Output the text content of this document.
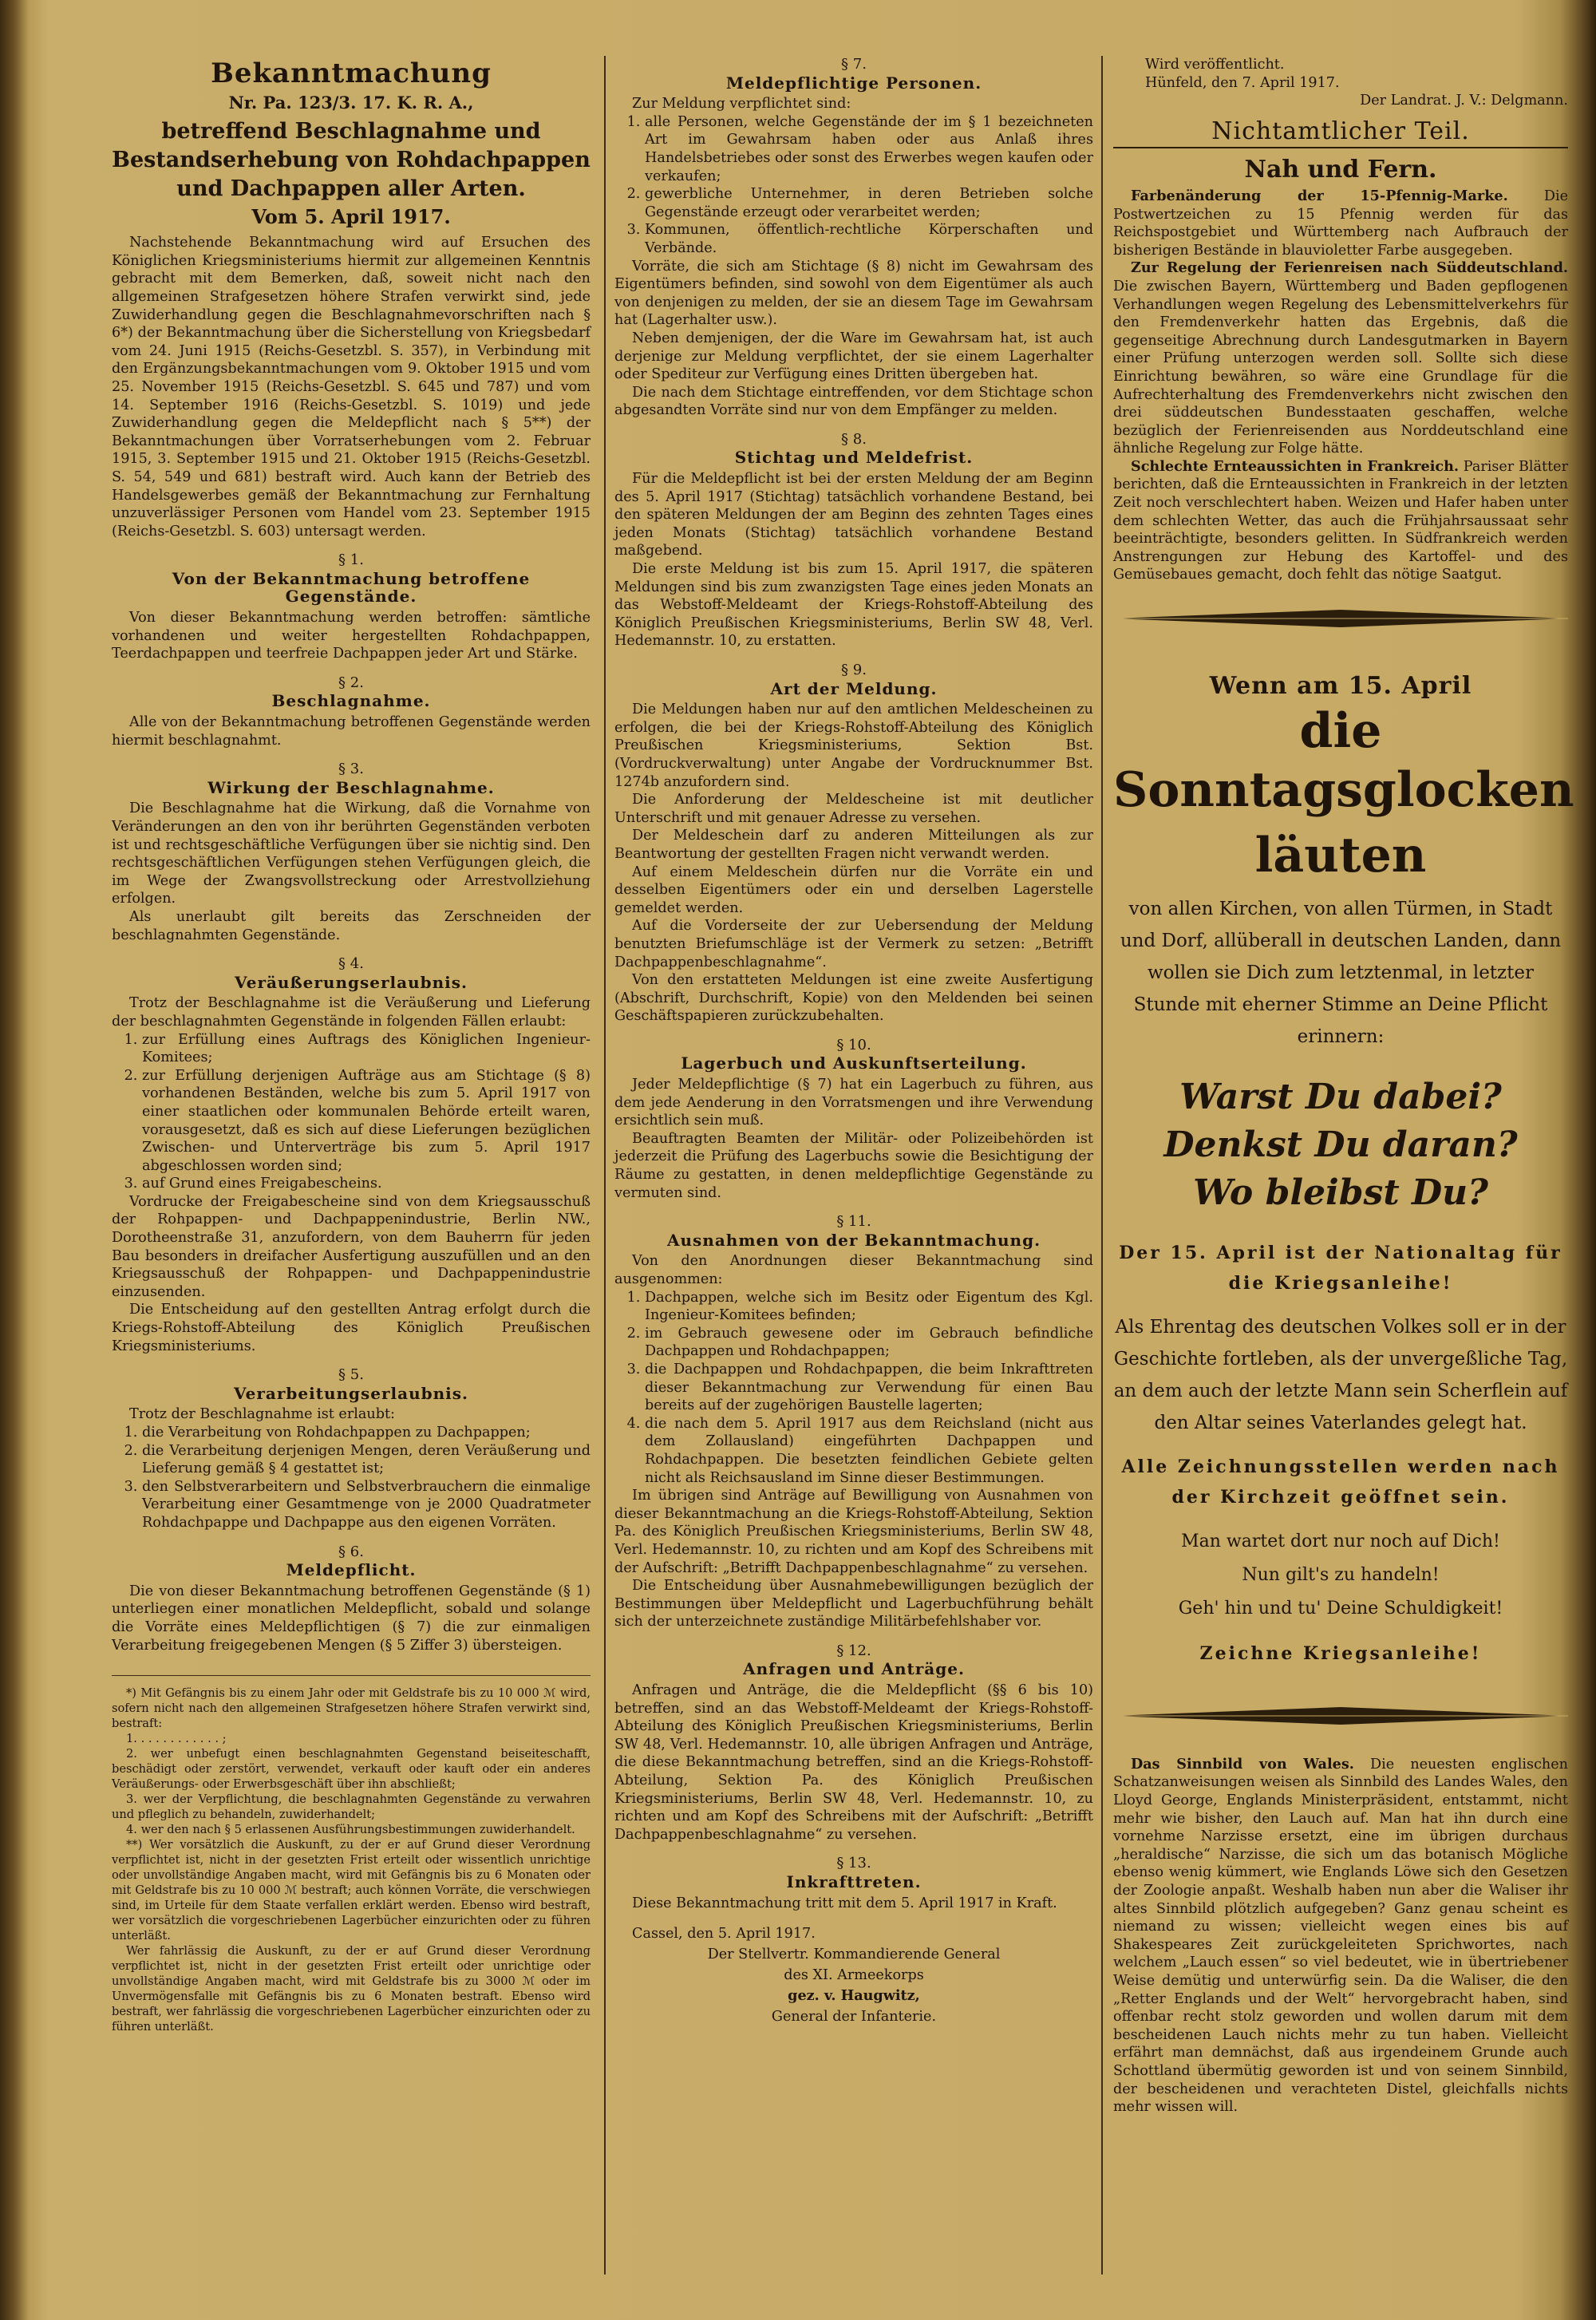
Bekanntmachung
Nr. Pa. 123/3. 17. K. R. A.,
betreffend Beschlagnahme und Bestandserhebung von Rohdachpappen und Dachpappen aller Arten.
Vom 5. April 1917.

Nachstehende Bekanntmachung wird auf Ersuchen des Königlichen Kriegsministeriums hiermit zur allgemeinen Kenntnis gebracht mit dem Bemerken, daß, soweit nicht nach den allgemeinen Strafgesetzen höhere Strafen verwirkt sind, jede Zuwiderhandlung gegen die Beschlagnahmevorschriften nach § 6*) der Bekanntmachung über die Sicherstellung von Kriegsbedarf vom 24. Juni 1915 (Reichs-Gesetzbl. S. 357), in Verbindung mit den Ergänzungsbekanntmachungen vom 9. Oktober 1915 und vom 25. November 1915 (Reichs-Gesetzbl. S. 645 und 787) und vom 14. September 1916 (Reichs-Gesetzbl. S. 1019) und jede Zuwiderhandlung gegen die Meldepflicht nach § 5**) der Bekanntmachungen über Vorratserhebungen vom 2. Februar 1915, 3. September 1915 und 21. Oktober 1915 (Reichs-Gesetzbl. S. 54, 549 und 681) bestraft wird. Auch kann der Betrieb des Handelsgewerbes gemäß der Bekanntmachung zur Fernhaltung unzuverlässiger Personen vom Handel vom 23. September 1915 (Reichs-Gesetzbl. S. 603) untersagt werden.

§ 1.
Von der Bekanntmachung betroffene Gegenstände.

Von dieser Bekanntmachung werden betroffen: sämtliche vorhandenen und weiter hergestellten Rohdachpappen, Teerdachpappen und teerfreie Dachpappen jeder Art und Stärke.

§ 2.
Beschlagnahme.

Alle von der Bekanntmachung betroffenen Gegenstände werden hiermit beschlagnahmt.

§ 3.
Wirkung der Beschlagnahme.

Die Beschlagnahme hat die Wirkung, daß die Vornahme von Veränderungen an den von ihr berührten Gegenständen verboten ist und rechtsgeschäftliche Verfügungen über sie nichtig sind. Den rechtsgeschäftlichen Verfügungen stehen Verfügungen gleich, die im Wege der Zwangsvollstreckung oder Arrestvollziehung erfolgen.

Als unerlaubt gilt bereits das Zerschneiden der beschlagnahmten Gegenstände.

§ 4.
Veräußerungserlaubnis.

Trotz der Beschlagnahme ist die Veräußerung und Lieferung der beschlagnahmten Gegenstände in folgenden Fällen erlaubt:

1. zur Erfüllung eines Auftrags des Königlichen Ingenieur-Komitees;
2. zur Erfüllung derjenigen Aufträge aus am Stichtage (§ 8) vorhandenen Beständen, welche bis zum 5. April 1917 von einer staatlichen oder kommunalen Behörde erteilt waren, vorausgesetzt, daß es sich auf diese Lieferungen bezüglichen Zwischen- und Unterverträge bis zum 5. April 1917 abgeschlossen worden sind;
3. auf Grund eines Freigabescheins.

Vordrucke der Freigabescheine sind von dem Kriegsausschuß der Rohpappen- und Dachpappenindustrie, Berlin NW., Dorotheenstraße 31, anzufordern, von dem Bauherrn für jeden Bau besonders in dreifacher Ausfertigung auszufüllen und an den Kriegsausschuß der Rohpappen- und Dachpappenindustrie einzusenden.

Die Entscheidung auf den gestellten Antrag erfolgt durch die Kriegs-Rohstoff-Abteilung des Königlich Preußischen Kriegsministeriums.

§ 5.
Verarbeitungserlaubnis.

Trotz der Beschlagnahme ist erlaubt:

1. die Verarbeitung von Rohdachpappen zu Dachpappen;
2. die Verarbeitung derjenigen Mengen, deren Veräußerung und Lieferung gemäß § 4 gestattet ist;
3. den Selbstverarbeitern und Selbstverbrauchern die einmalige Verarbeitung einer Gesamtmenge von je 2000 Quadratmeter Rohdachpappe und Dachpappe aus den eigenen Vorräten.
§ 6.
Meldepflicht.

Die von dieser Bekanntmachung betroffenen Gegenstände (§ 1) unterliegen einer monatlichen Meldepflicht, sobald und solange die Vorräte eines Meldepflichtigen (§ 7) die zur einmaligen Verarbeitung freigegebenen Mengen (§ 5 Ziffer 3) übersteigen.

*) Mit Gefängnis bis zu einem Jahr oder mit Geldstrafe bis zu 10 000 ℳ wird, sofern nicht nach den allgemeinen Strafgesetzen höhere Strafen verwirkt sind, bestraft:

1. . . . . . . . . . . . ;

2. wer unbefugt einen beschlagnahmten Gegenstand beiseiteschafft, beschädigt oder zerstört, verwendet, verkauft oder kauft oder ein anderes Veräußerungs- oder Erwerbsgeschäft über ihn abschließt;

3. wer der Verpflichtung, die beschlagnahmten Gegenstände zu verwahren und pfleglich zu behandeln, zuwiderhandelt;

4. wer den nach § 5 erlassenen Ausführungsbestimmungen zuwiderhandelt.

**) Wer vorsätzlich die Auskunft, zu der er auf Grund dieser Verordnung verpflichtet ist, nicht in der gesetzten Frist erteilt oder wissentlich unrichtige oder unvollständige Angaben macht, wird mit Gefängnis bis zu 6 Monaten oder mit Geldstrafe bis zu 10 000 ℳ bestraft; auch können Vorräte, die verschwiegen sind, im Urteile für dem Staate verfallen erklärt werden. Ebenso wird bestraft, wer vorsätzlich die vorgeschriebenen Lagerbücher einzurichten oder zu führen unterläßt.

Wer fahrlässig die Auskunft, zu der er auf Grund dieser Verordnung verpflichtet ist, nicht in der gesetzten Frist erteilt oder unrichtige oder unvollständige Angaben macht, wird mit Geldstrafe bis zu 3000 ℳ oder im Unvermögensfalle mit Gefängnis bis zu 6 Monaten bestraft. Ebenso wird bestraft, wer fahrlässig die vorgeschriebenen Lagerbücher einzurichten oder zu führen unterläßt.

§ 7.
Meldepflichtige Personen.

Zur Meldung verpflichtet sind:

1. alle Personen, welche Gegenstände der im § 1 bezeichneten Art im Gewahrsam haben oder aus Anlaß ihres Handelsbetriebes oder sonst des Erwerbes wegen kaufen oder verkaufen;
2. gewerbliche Unternehmer, in deren Betrieben solche Gegenstände erzeugt oder verarbeitet werden;
3. Kommunen, öffentlich-rechtliche Körperschaften und Verbände.

Vorräte, die sich am Stichtage (§ 8) nicht im Gewahrsam des Eigentümers befinden, sind sowohl von dem Eigentümer als auch von denjenigen zu melden, der sie an diesem Tage im Gewahrsam hat (Lagerhalter usw.).

Neben demjenigen, der die Ware im Gewahrsam hat, ist auch derjenige zur Meldung verpflichtet, der sie einem Lagerhalter oder Spediteur zur Verfügung eines Dritten übergeben hat.

Die nach dem Stichtage eintreffenden, vor dem Stichtage schon abgesandten Vorräte sind nur von dem Empfänger zu melden.

§ 8.
Stichtag und Meldefrist.

Für die Meldepflicht ist bei der ersten Meldung der am Beginn des 5. April 1917 (Stichtag) tatsächlich vorhandene Bestand, bei den späteren Meldungen der am Beginn des zehnten Tages eines jeden Monats (Stichtag) tatsächlich vorhandene Bestand maßgebend.

Die erste Meldung ist bis zum 15. April 1917, die späteren Meldungen sind bis zum zwanzigsten Tage eines jeden Monats an das Webstoff-Meldeamt der Kriegs-Rohstoff-Abteilung des Königlich Preußischen Kriegsministeriums, Berlin SW 48, Verl. Hedemannstr. 10, zu erstatten.

§ 9.
Art der Meldung.

Die Meldungen haben nur auf den amtlichen Meldescheinen zu erfolgen, die bei der Kriegs-Rohstoff-Abteilung des Königlich Preußischen Kriegsministeriums, Sektion Bst. (Vordruckverwaltung) unter Angabe der Vordrucknummer Bst. 1274b anzufordern sind.

Die Anforderung der Meldescheine ist mit deutlicher Unterschrift und mit genauer Adresse zu versehen.

Der Meldeschein darf zu anderen Mitteilungen als zur Beantwortung der gestellten Fragen nicht verwandt werden.

Auf einem Meldeschein dürfen nur die Vorräte ein und desselben Eigentümers oder ein und derselben Lagerstelle gemeldet werden.

Auf die Vorderseite der zur Uebersendung der Meldung benutzten Briefumschläge ist der Vermerk zu setzen: „Betrifft Dachpappenbeschlagnahme“.

Von den erstatteten Meldungen ist eine zweite Ausfertigung (Abschrift, Durchschrift, Kopie) von den Meldenden bei seinen Geschäftspapieren zurückzubehalten.

§ 10.
Lagerbuch und Auskunftserteilung.

Jeder Meldepflichtige (§ 7) hat ein Lagerbuch zu führen, aus dem jede Aenderung in den Vorratsmengen und ihre Verwendung ersichtlich sein muß.

Beauftragten Beamten der Militär- oder Polizeibehörden ist jederzeit die Prüfung des Lagerbuchs sowie die Besichtigung der Räume zu gestatten, in denen meldepflichtige Gegenstände zu vermuten sind.

§ 11.
Ausnahmen von der Bekanntmachung.

Von den Anordnungen dieser Bekanntmachung sind ausgenommen:

1. Dachpappen, welche sich im Besitz oder Eigentum des Kgl. Ingenieur-Komitees befinden;
2. im Gebrauch gewesene oder im Gebrauch befindliche Dachpappen und Rohdachpappen;
3. die Dachpappen und Rohdachpappen, die beim Inkrafttreten dieser Bekanntmachung zur Verwendung für einen Bau bereits auf der zugehörigen Baustelle lagerten;
4. die nach dem 5. April 1917 aus dem Reichsland (nicht aus dem Zollausland) eingeführten Dachpappen und Rohdachpappen. Die besetzten feindlichen Gebiete gelten nicht als Reichsausland im Sinne dieser Bestimmungen.

Im übrigen sind Anträge auf Bewilligung von Ausnahmen von dieser Bekanntmachung an die Kriegs-Rohstoff-Abteilung, Sektion Pa. des Königlich Preußischen Kriegsministeriums, Berlin SW 48, Verl. Hedemannstr. 10, zu richten und am Kopf des Schreibens mit der Aufschrift: „Betrifft Dachpappenbeschlagnahme“ zu versehen.

Die Entscheidung über Ausnahmebewilligungen bezüglich der Bestimmungen über Meldepflicht und Lagerbuchführung behält sich der unterzeichnete zuständige Militärbefehlshaber vor.

§ 12.
Anfragen und Anträge.

Anfragen und Anträge, die die Meldepflicht (§§ 6 bis 10) betreffen, sind an das Webstoff-Meldeamt der Kriegs-Rohstoff-Abteilung des Königlich Preußischen Kriegsministeriums, Berlin SW 48, Verl. Hedemannstr. 10, alle übrigen Anfragen und Anträge, die diese Bekanntmachung betreffen, sind an die Kriegs-Rohstoff-Abteilung, Sektion Pa. des Königlich Preußischen Kriegsministeriums, Berlin SW 48, Verl. Hedemannstr. 10, zu richten und am Kopf des Schreibens mit der Aufschrift: „Betrifft Dachpappenbeschlagnahme“ zu versehen.

§ 13.
Inkrafttreten.

Diese Bekanntmachung tritt mit dem 5. April 1917 in Kraft.

Cassel, den 5. April 1917.
Der Stellvertr. Kommandierende General
des XI. Armeekorps
gez. v. Haugwitz,
General der Infanterie.
Wird veröffentlicht.
Hünfeld, den 7. April 1917.
Der Landrat. J. V.: Delgmann.
Nichtamtlicher Teil.
Nah und Fern.

Farbenänderung der 15-Pfennig-Marke.	Die Postwertzeichen zu 15 Pfennig werden für das Reichspostgebiet und Württemberg nach Aufbrauch der bisherigen Bestände in blauvioletter Farbe ausgegeben.

Zur Regelung der Ferienreisen nach Süddeutschland. Die zwischen Bayern, Württemberg und Baden gepflogenen Verhandlungen wegen Regelung des Lebensmittelverkehrs für den Fremdenverkehr hatten das Ergebnis, daß die gegenseitige Abrechnung durch Landesgutmarken in Bayern einer Prüfung unterzogen werden soll. Sollte sich diese Einrichtung bewähren, so wäre eine Grundlage für die Aufrechterhaltung des Fremdenverkehrs nicht zwischen den drei süddeutschen Bundesstaaten geschaffen, welche bezüglich der Ferienreisenden aus Norddeutschland eine ähnliche Regelung zur Folge hätte.

Schlechte Ernteaussichten in Frankreich. Pariser Blätter berichten, daß die Ernteaussichten in Frankreich in der letzten Zeit noch verschlechtert haben. Weizen und Hafer haben unter dem schlechten Wetter, das auch die Frühjahrsaussaat sehr beeinträchtigte, besonders gelitten. In Südfrankreich werden Anstrengungen zur Hebung des Kartoffel- und des Gemüsebaues gemacht, doch fehlt das nötige Saatgut.

Wenn am 15. April
die Sonntagsglocken
läuten
von allen Kirchen, von allen Türmen, in Stadt und Dorf, allüberall in deutschen Landen, dann wollen sie Dich zum letztenmal, in letzter Stunde mit eherner Stimme an Deine Pflicht erinnern:
Warst Du dabei?
Denkst Du daran?
Wo bleibst Du?
Der 15. April ist der Nationaltag für die Kriegsanleihe!
Als Ehrentag des deutschen Volkes soll er in der Geschichte fortleben, als der unvergeßliche Tag, an dem auch der letzte Mann sein Scherflein auf den Altar seines Vaterlandes gelegt hat.
Alle Zeichnungsstellen werden nach der Kirchzeit geöffnet sein.
Man wartet dort nur noch auf Dich!
Nun gilt's zu handeln!
Geh' hin und tu' Deine Schuldigkeit!
Zeichne Kriegsanleihe!

Das Sinnbild von Wales. Die neuesten englischen Schatzanweisungen weisen als Sinnbild des Landes Wales, den Lloyd George, Englands Ministerpräsident, entstammt, nicht mehr wie bisher, den Lauch auf. Man hat ihn durch eine vornehme Narzisse ersetzt, eine im übrigen durchaus „heraldische“ Narzisse, die sich um das botanisch Mögliche ebenso wenig kümmert, wie Englands Löwe sich den Gesetzen der Zoologie anpaßt. Weshalb haben nun aber die Waliser ihr altes Sinnbild plötzlich aufgegeben? Ganz genau scheint es niemand zu wissen; vielleicht wegen eines bis auf Shakespeares Zeit zurückgeleiteten Sprichwortes, nach welchem „Lauch essen“ so viel bedeutet, wie in übertriebener Weise demütig und unterwürfig sein. Da die Waliser, die den „Retter Englands und der Welt“ hervorgebracht haben, sind offenbar recht stolz geworden und wollen darum mit dem bescheidenen Lauch nichts mehr zu tun haben. Vielleicht erfährt man demnächst, daß aus irgendeinem Grunde auch Schottland übermütig geworden ist und von seinem Sinnbild, der bescheidenen und verachteten Distel, gleichfalls nichts mehr wissen will.
